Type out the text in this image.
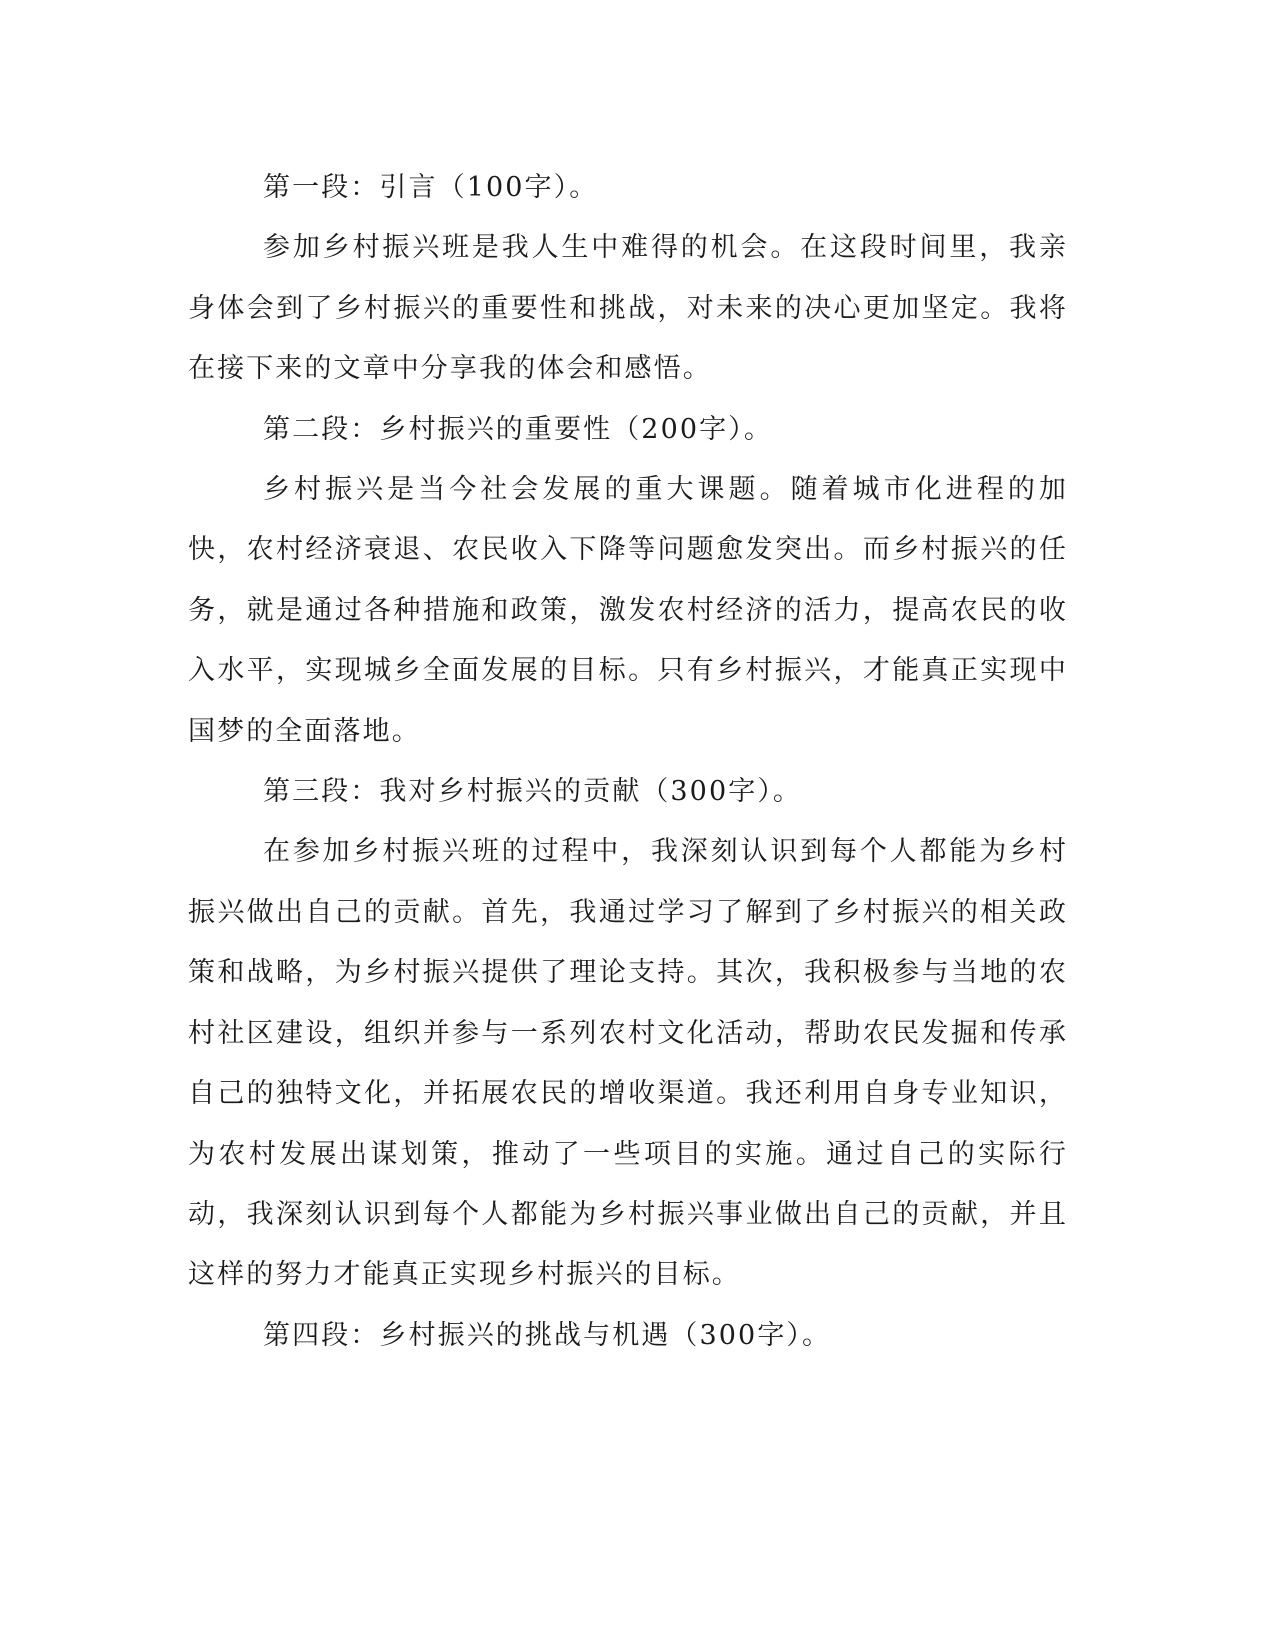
第一段：引言（100字）。

参加乡村振兴班是我人生中难得的机会。在这段时间里，我亲身体会到了乡村振兴的重要性和挑战，对未来的决心更加坚定。我将在接下来的文章中分享我的体会和感悟。

第二段：乡村振兴的重要性（200字）。

乡村振兴是当今社会发展的重大课题。随着城市化进程的加快，农村经济衰退、农民收入下降等问题愈发突出。而乡村振兴的任务，就是通过各种措施和政策，激发农村经济的活力，提高农民的收入水平，实现城乡全面发展的目标。只有乡村振兴，才能真正实现中国梦的全面落地。

第三段：我对乡村振兴的贡献（300字）。

在参加乡村振兴班的过程中，我深刻认识到每个人都能为乡村振兴做出自己的贡献。首先，我通过学习了解到了乡村振兴的相关政策和战略，为乡村振兴提供了理论支持。其次，我积极参与当地的农村社区建设，组织并参与一系列农村文化活动，帮助农民发掘和传承自己的独特文化，并拓展农民的增收渠道。我还利用自身专业知识，为农村发展出谋划策，推动了一些项目的实施。通过自己的实际行动，我深刻认识到每个人都能为乡村振兴事业做出自己的贡献，并且这样的努力才能真正实现乡村振兴的目标。

第四段：乡村振兴的挑战与机遇（300字）。
